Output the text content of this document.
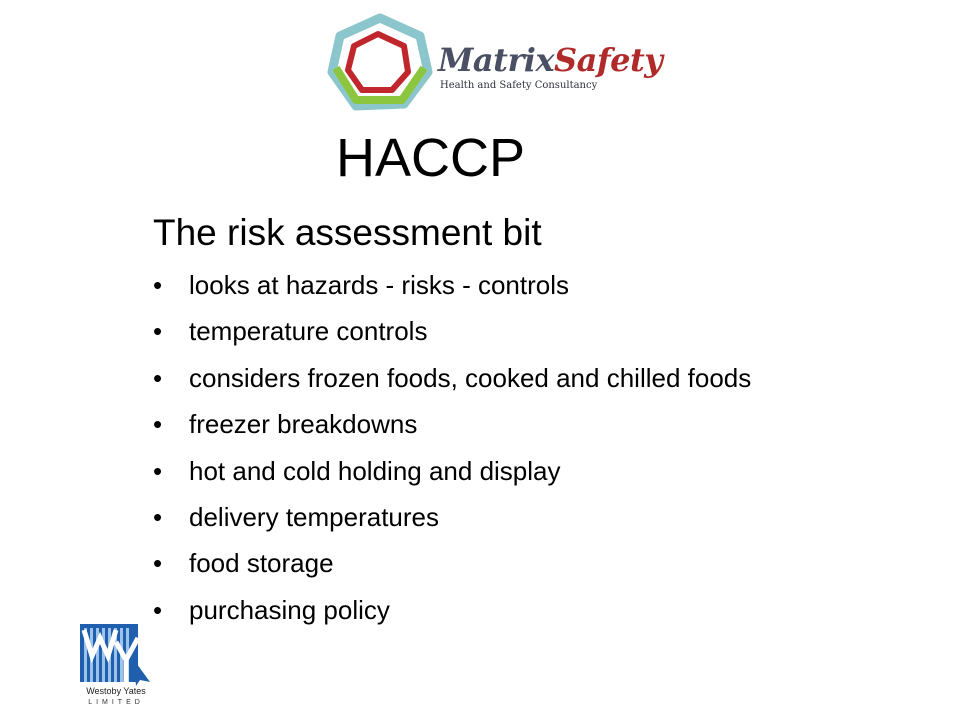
MatrixSafety
Health and Safety Consultancy
HACCP
The risk assessment bit
•	looks at hazards - risks - controls
•	temperature controls
•	considers frozen foods, cooked and chilled foods
•	freezer breakdowns
•	hot and cold holding and display
•	delivery temperatures
•	food storage
•	purchasing policy
Westoby Yates
LIMITED
